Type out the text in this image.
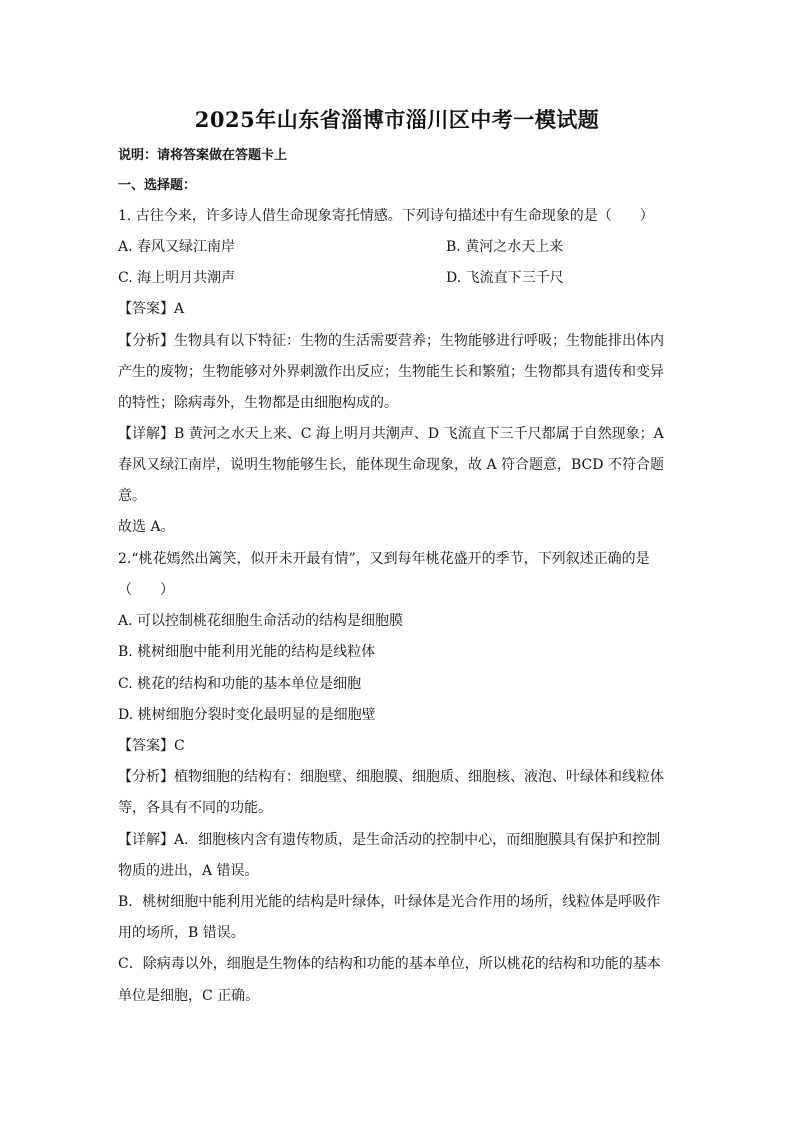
2025年山东省淄博市淄川区中考一模试题
说明：请将答案做在答题卡上
一、选择题：
1. 古往今来，许多诗人借生命现象寄托情感。下列诗句描述中有生命现象的是（　　）
A. 春风又绿江南岸	B. 黄河之水天上来
C. 海上明月共潮声	D. 飞流直下三千尺
【答案】A
【分析】生物具有以下特征：生物的生活需要营养；生物能够进行呼吸；生物能排出体内
产生的废物；生物能够对外界刺激作出反应；生物能生长和繁殖；生物都具有遗传和变异
的特性；除病毒外，生物都是由细胞构成的。
【详解】B 黄河之水天上来、C 海上明月共潮声、D 飞流直下三千尺都属于自然现象；A
春风又绿江南岸，说明生物能够生长，能体现生命现象，故 A 符合题意，BCD 不符合题
意。
故选 A。
2.“桃花嫣然出篱笑，似开未开最有情”，又到每年桃花盛开的季节，下列叙述正确的是
（　　）
A. 可以控制桃花细胞生命活动的结构是细胞膜
B. 桃树细胞中能利用光能的结构是线粒体
C. 桃花的结构和功能的基本单位是细胞
D. 桃树细胞分裂时变化最明显的是细胞壁
【答案】C
【分析】植物细胞的结构有：细胞壁、细胞膜、细胞质、细胞核、液泡、叶绿体和线粒体
等，各具有不同的功能。
【详解】A．细胞核内含有遗传物质，是生命活动的控制中心，而细胞膜具有保护和控制
物质的进出，A 错误。
B．桃树细胞中能利用光能的结构是叶绿体，叶绿体是光合作用的场所，线粒体是呼吸作
用的场所，B 错误。
C．除病毒以外，细胞是生物体的结构和功能的基本单位，所以桃花的结构和功能的基本
单位是细胞，C 正确。
